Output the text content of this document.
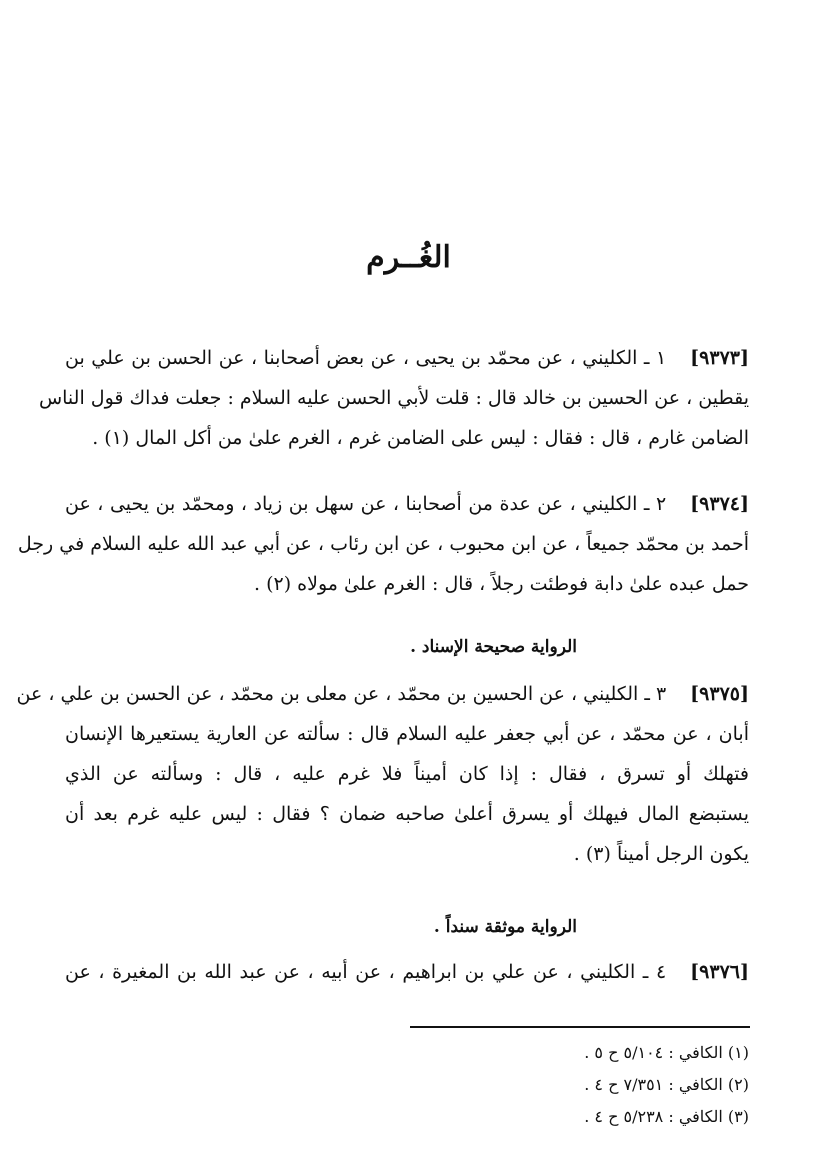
الغُــرم
[٩٣٧٣]١ ـ الكليني ، عن محمّد بن يحيى ، عن بعض أصحابنا ، عن الحسن بن علي بن
يقطين ، عن الحسين بن خالد قال : قلت لأبي الحسن عليه السلام : جعلت فداك قول الناس
الضامن غارم ، قال : فقال : ليس على الضامن غرم ، الغرم علىٰ من أكل المال (١) .
[٩٣٧٤]٢ ـ الكليني ، عن عدة من أصحابنا ، عن سهل بن زياد ، ومحمّد بن يحيى ، عن
أحمد بن محمّد جميعاً ، عن ابن محبوب ، عن ابن رئاب ، عن أبي عبد الله عليه السلام في رجل
حمل عبده علىٰ دابة فوطئت رجلاً ، قال : الغرم علىٰ مولاه (٢) .
الرواية صحيحة الإسناد .
[٩٣٧٥]٣ ـ الكليني ، عن الحسين بن محمّد ، عن معلى بن محمّد ، عن الحسن بن علي ، عن
أبان ، عن محمّد ، عن أبي جعفر عليه السلام قال : سألته عن العارية يستعيرها الإنسان
فتهلك أو تسرق ، فقال : إذا كان أميناً فلا غرم عليه ، قال : وسألته عن الذي
يستبضع المال فيهلك أو يسرق أعلىٰ صاحبه ضمان ؟ فقال : ليس عليه غرم بعد أن
يكون الرجل أميناً (٣) .
الرواية موثقة سنداً .
[٩٣٧٦]٤ ـ الكليني ، عن علي بن ابراهيم ، عن أبيه ، عن عبد الله بن المغيرة ، عن
(١) الكافي : ٥/١٠٤ ح ٥ .
(٢) الكافي : ٧/٣٥١ ح ٤ .
(٣) الكافي : ٥/٢٣٨ ح ٤ .
